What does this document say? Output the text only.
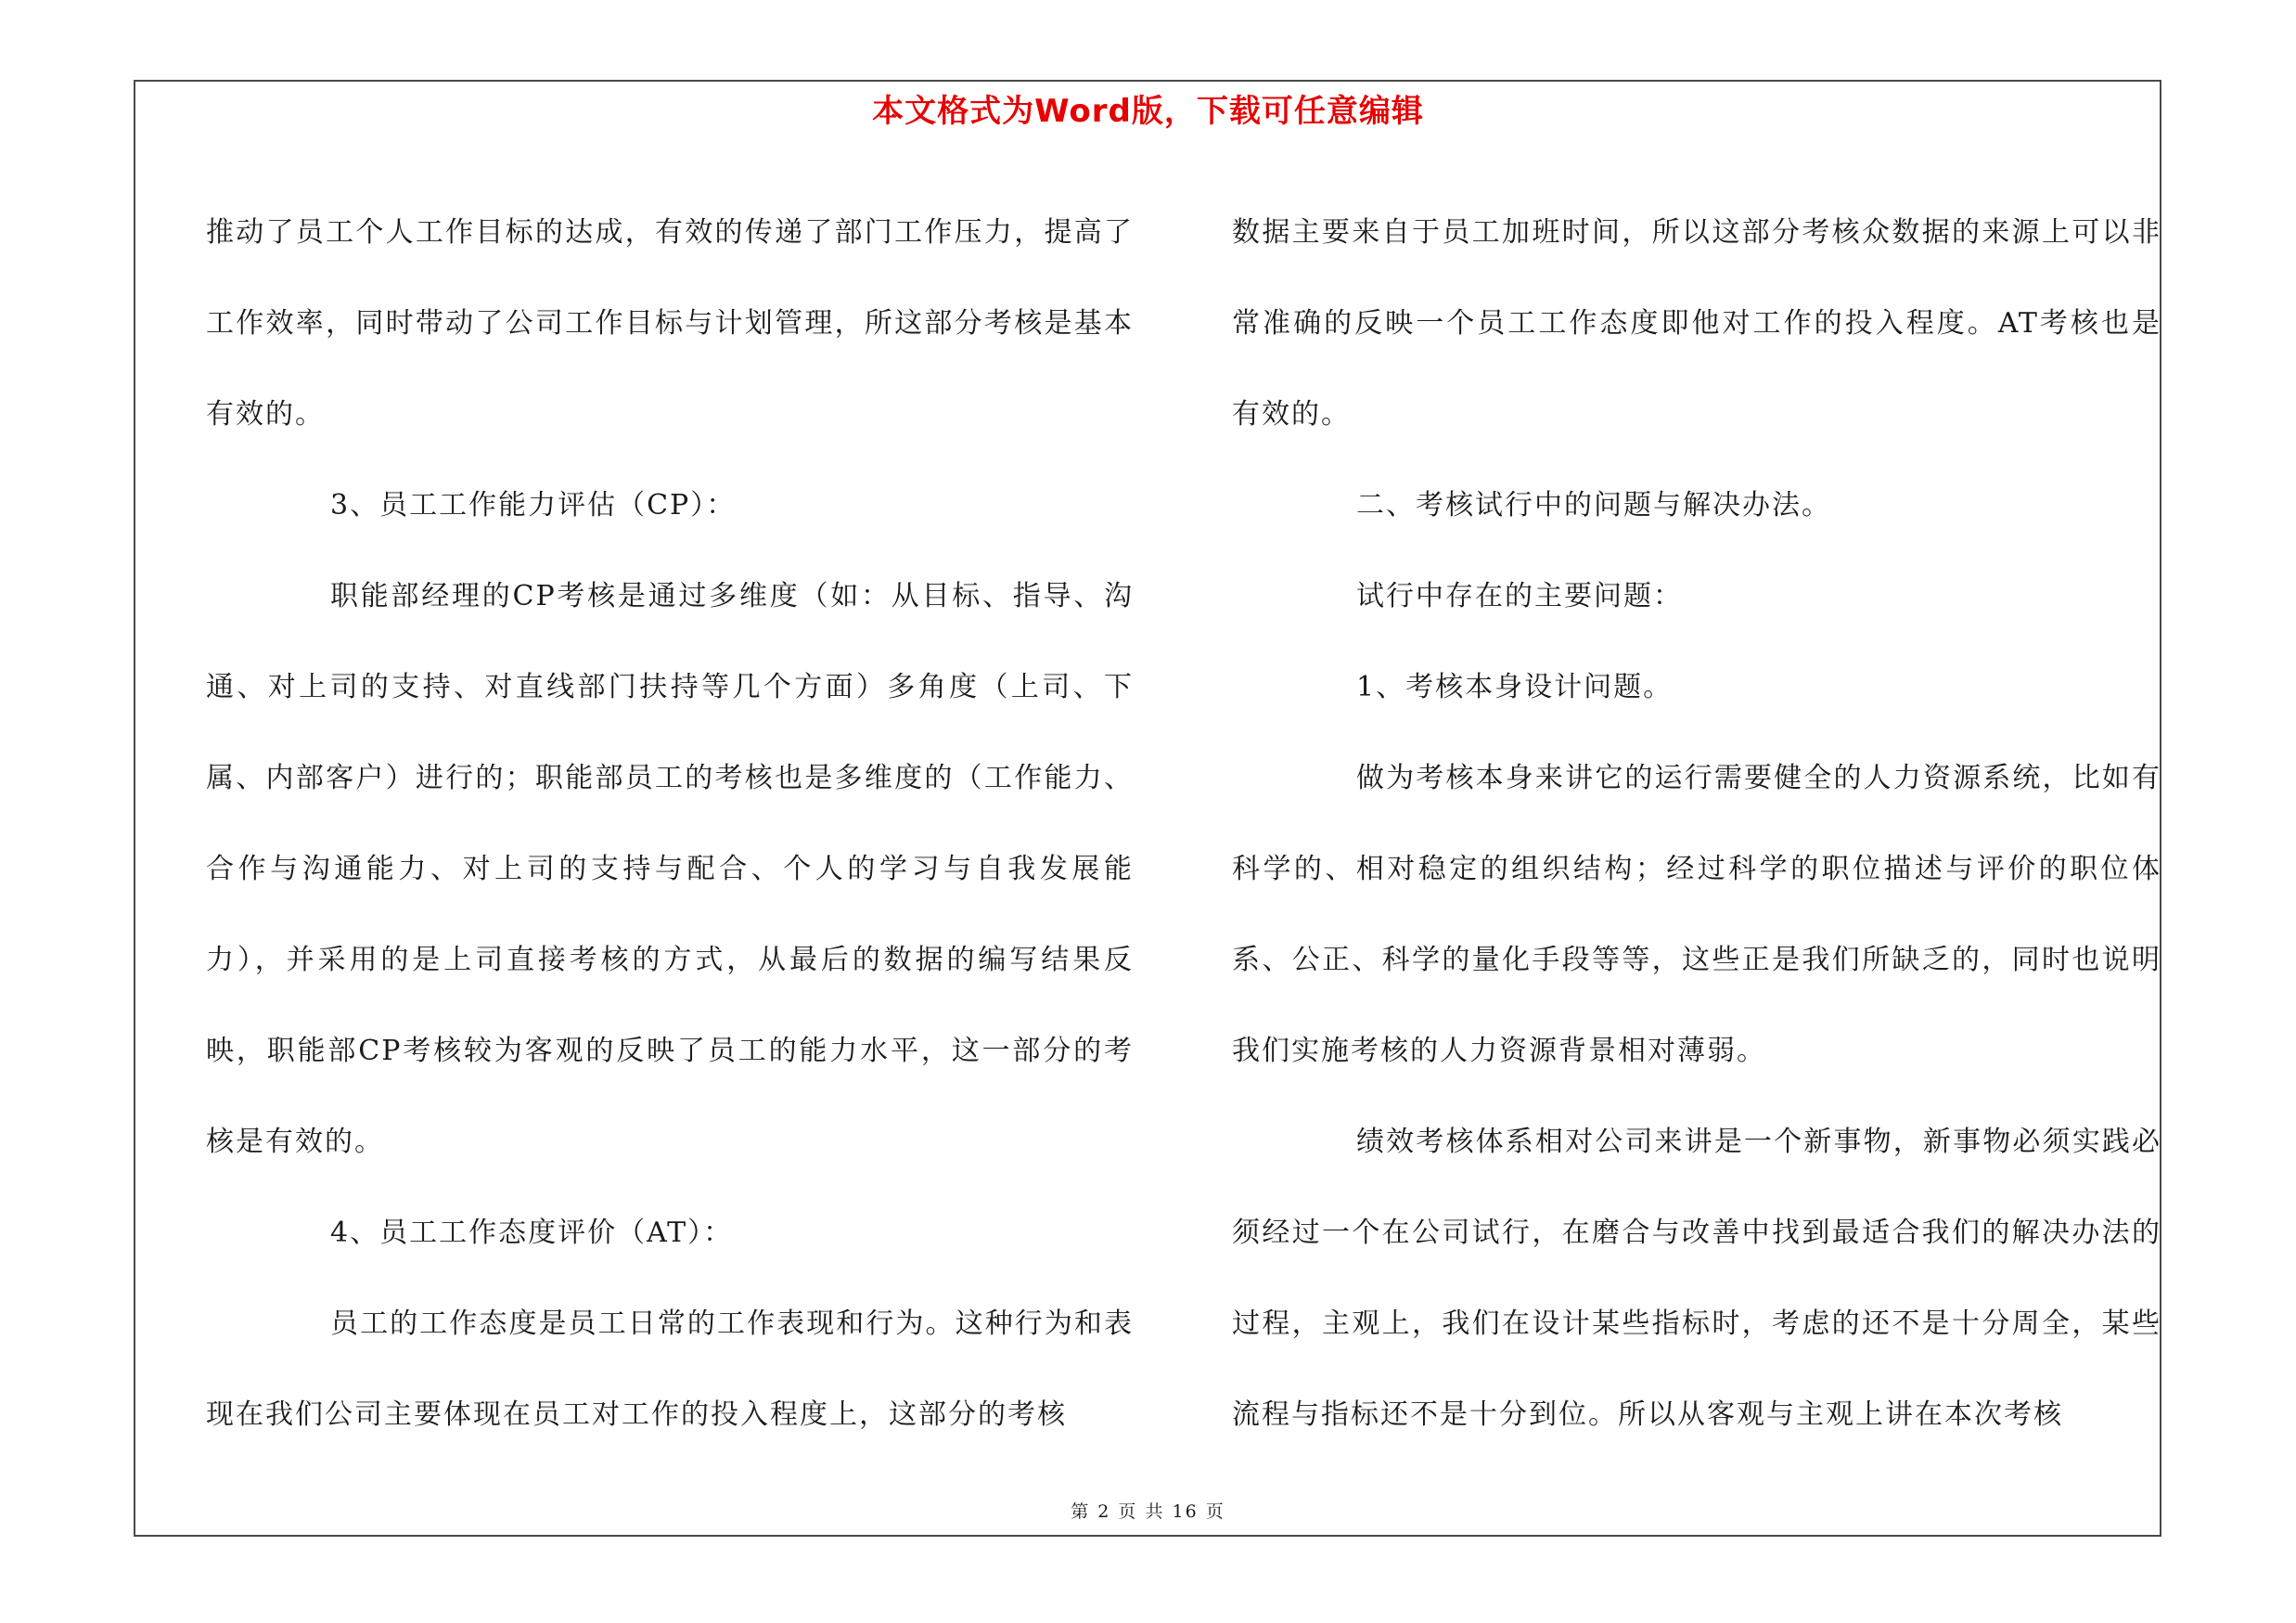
本文格式为Word版，下载可任意编辑

推动了员工个人工作目标的达成，有效的传递了部门工作压力，提高了工作效率，同时带动了公司工作目标与计划管理，所这部分考核是基本有效的。

3、员工工作能力评估（CP）：

职能部经理的CP考核是通过多维度（如：从目标、指导、沟通、对上司的支持、对直线部门扶持等几个方面）多角度（上司、下属、内部客户）进行的；职能部员工的考核也是多维度的（工作能力、合作与沟通能力、对上司的支持与配合、个人的学习与自我发展能力），并采用的是上司直接考核的方式，从最后的数据的编写结果反映，职能部CP考核较为客观的反映了员工的能力水平，这一部分的考核是有效的。

4、员工工作态度评价（AT）：

员工的工作态度是员工日常的工作表现和行为。这种行为和表现在我们公司主要体现在员工对工作的投入程度上，这部分的考核

数据主要来自于员工加班时间，所以这部分考核众数据的来源上可以非常准确的反映一个员工工作态度即他对工作的投入程度。AT考核也是有效的。

二、考核试行中的问题与解决办法。

试行中存在的主要问题：

1、考核本身设计问题。

做为考核本身来讲它的运行需要健全的人力资源系统，比如有科学的、相对稳定的组织结构；经过科学的职位描述与评价的职位体系、公正、科学的量化手段等等，这些正是我们所缺乏的，同时也说明我们实施考核的人力资源背景相对薄弱。

绩效考核体系相对公司来讲是一个新事物，新事物必须实践必须经过一个在公司试行，在磨合与改善中找到最适合我们的解决办法的过程，主观上，我们在设计某些指标时，考虑的还不是十分周全，某些流程与指标还不是十分到位。所以从客观与主观上讲在本次考核

第 2 页 共 16 页
